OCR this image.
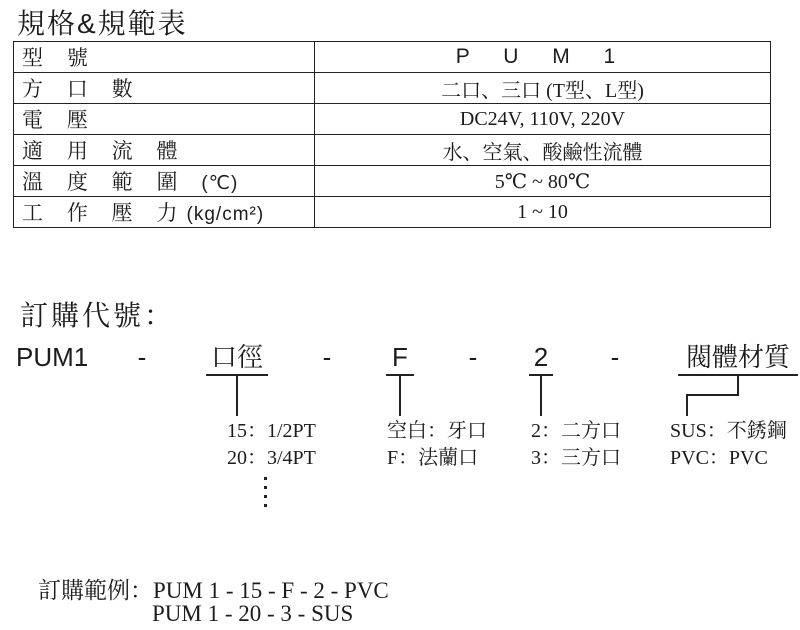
規格&規範表
型 號	P U M 1
方 口 數	二口、三口 (T型、L型)
電 壓	DC24V, 110V, 220V
適 用 流 體	水、空氣、酸鹼性流體
溫 度 範 圍 (℃)	5℃ ~ 80℃
工 作 壓 力(kg/cm²)	1 ~ 10
訂購代號：
PUM1	-	口徑	-	F	-	2	-	閥體材質
15：1/2PT
20：3/4PT
空白：牙口
F：法蘭口
2：二方口
3：三方口
SUS：不銹鋼
PVC：PVC
訂購範例：PUM 1 - 15 - F - 2 - PVC
PUM 1 - 20 - 3 - SUS
